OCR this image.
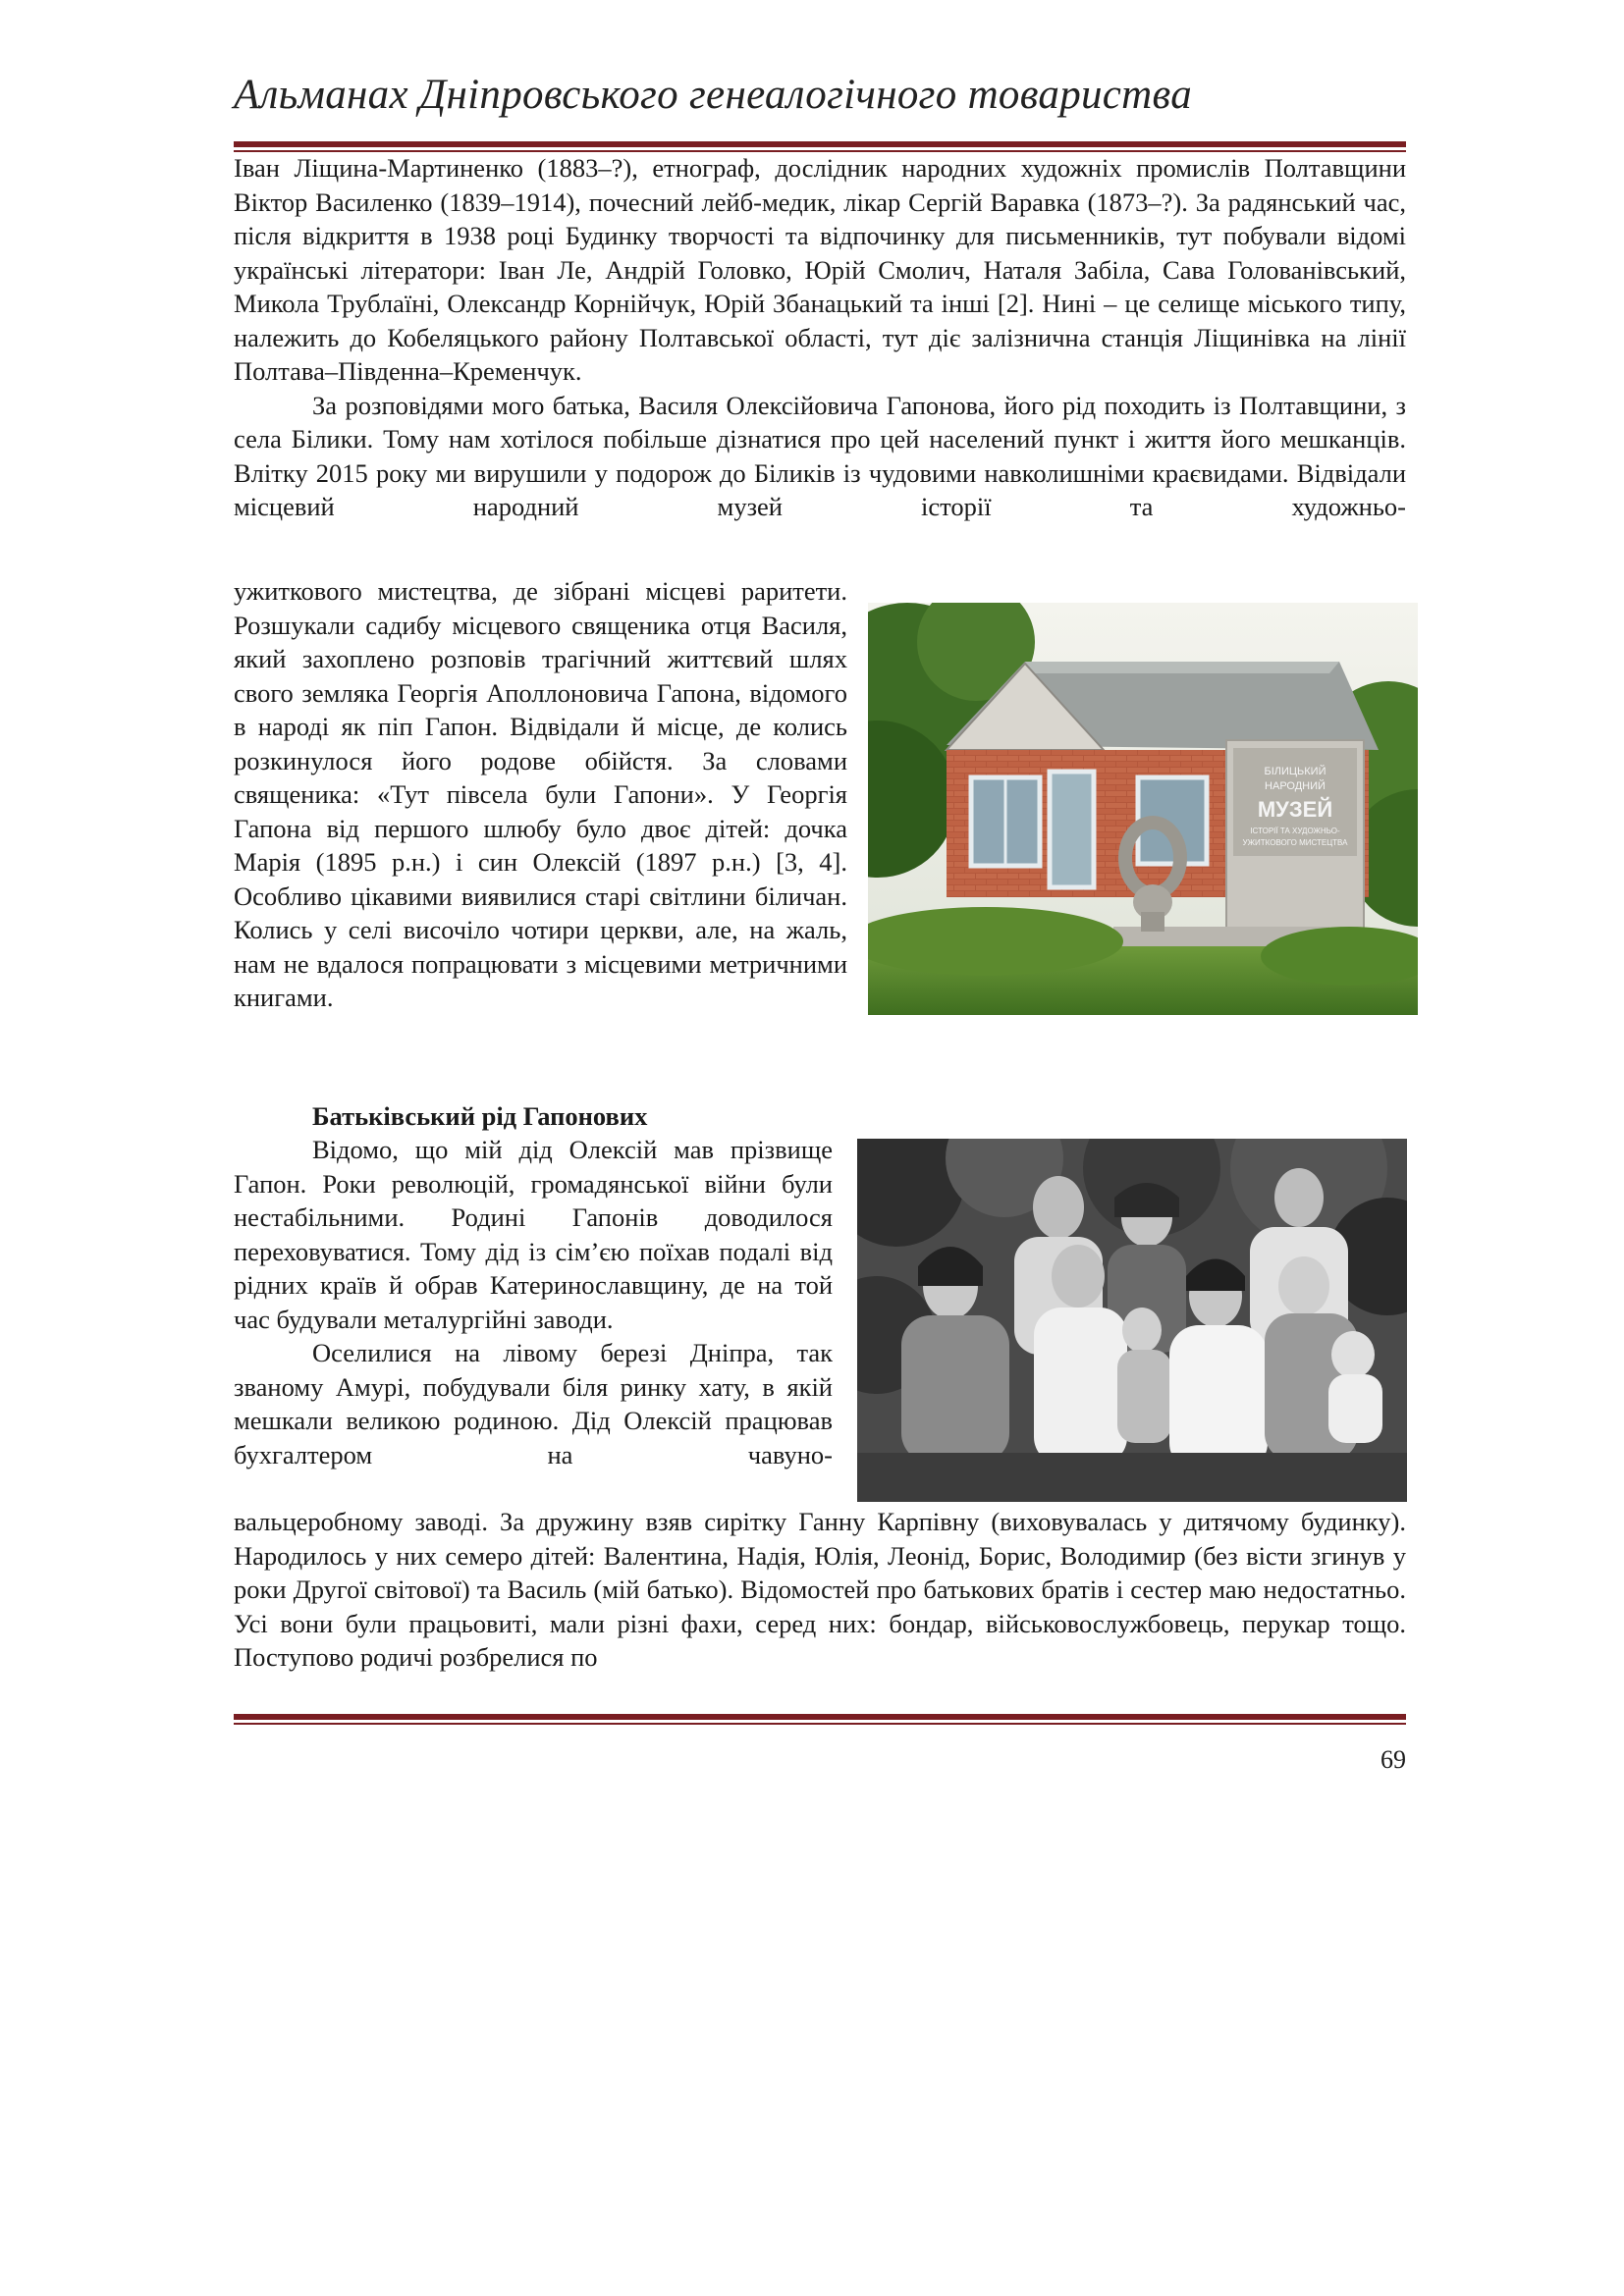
Альманах Дніпровського генеалогічного товариства

Іван Ліщина-Мартиненко (1883–?), етнограф, дослідник народних художніх промислів Полтавщини Віктор Василенко (1839–1914), почесний лейб-медик, лікар Сергій Варавка (1873–?). За радянський час, після відкриття в 1938 році Будинку творчості та відпочинку для письменників, тут побували відомі українські літератори: Іван Ле, Андрій Головко, Юрій Смолич, Наталя Забіла, Сава Голованівський, Микола Трублаїні, Олександр Корнійчук, Юрій Збанацький та інші [2]. Нині – це селище міського типу, належить до Кобеляцького району Полтавської області, тут діє залізнична станція Ліщинівка на лінії Полтава–Південна–Кременчук.

За розповідями мого батька, Василя Олексійовича Гапонова, його рід походить із Полтавщини, з села Білики. Тому нам хотілося побільше дізнатися про цей населений пункт і життя його мешканців. Влітку 2015 року ми вирушили у подорож до Біликів із чудовими навколишніми краєвидами. Відвідали місцевий народний музей історії та художньо-

ужиткового мистецтва, де зібрані місцеві раритети. Розшукали садибу місцевого священика отця Василя, який захоплено розповів трагічний життєвий шлях свого земляка Георгія Аполлоновича Гапона, відомого в народі як піп Гапон. Відвідали й місце, де колись розкинулося його родове обійстя. За словами священика: «Тут півсела були Гапони». У Георгія Гапона від першого шлюбу було двоє дітей: дочка Марія (1895 р.н.) і син Олексій (1897 р.н.) [3, 4]. Особливо цікавими виявилися старі світлини біличан. Колись у селі височіло чотири церкви, але, на жаль, нам не вдалося попрацювати з місцевими метричними книгами.

БІЛИЦЬКИЙ
НАРОДНИЙ
МУЗЕЙ
ІСТОРІЇ ТА ХУДОЖНЬО-
УЖИТКОВОГО МИСТЕЦТВА
Батьківський рід Гапонових

Відомо, що мій дід Олексій мав прізвище Гапон. Роки революцій, громадянської війни були нестабільними. Родині Гапонів доводилося переховуватися. Тому дід із сім’єю поїхав подалі від рідних країв й обрав Катеринославщину, де на той час будували металургійні заводи.

Оселилися на лівому березі Дніпра, так званому Амурі, побудували біля ринку хату, в якій мешкали великою родиною. Дід Олексій працював бухгалтером на чавуно-

вальцеробному заводі. За дружину взяв сирітку Ганну Карпівну (виховувалась у дитячому будинку). Народилось у них семеро дітей: Валентина, Надія, Юлія, Леонід, Борис, Володимир (без вісти згинув у роки Другої світової) та Василь (мій батько). Відомостей про батькових братів і сестер маю недостатньо. Усі вони були працьовиті, мали різні фахи, серед них: бондар, військовослужбовець, перукар тощо. Поступово родичі розбрелися по

69
